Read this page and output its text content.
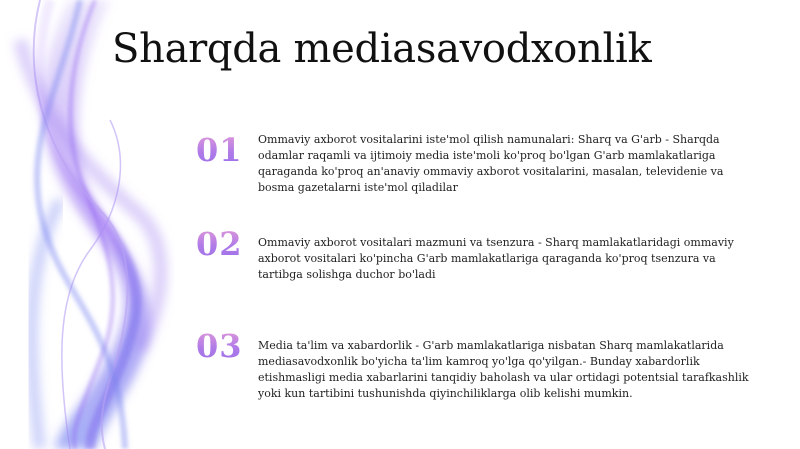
Sharqda mediasavodxonlik
01	Ommaviy axborot vositalarini iste'mol qilish namunalari: Sharq va G'arb - Sharqda odamlar raqamli va ijtimoiy media iste'moli ko'proq bo'lgan G'arb mamlakatlariga qaraganda ko'proq an'anaviy ommaviy axborot vositalarini, masalan, televidenie va bosma gazetalarni iste'mol qiladilar
02	Ommaviy axborot vositalari mazmuni va tsenzura - Sharq mamlakatlaridagi ommaviy axborot vositalari ko'pincha G'arb mamlakatlariga qaraganda ko'proq tsenzura va tartibga solishga duchor bo'ladi
03	Media ta'lim va xabardorlik - G'arb mamlakatlariga nisbatan Sharq mamlakatlarida mediasavodxonlik bo'yicha ta'lim kamroq yo'lga qo'yilgan.- Bunday xabardorlik etishmasligi media xabarlarini tanqidiy baholash va ular ortidagi potentsial tarafkashlik yoki kun tartibini tushunishda qiyinchiliklarga olib kelishi mumkin.
